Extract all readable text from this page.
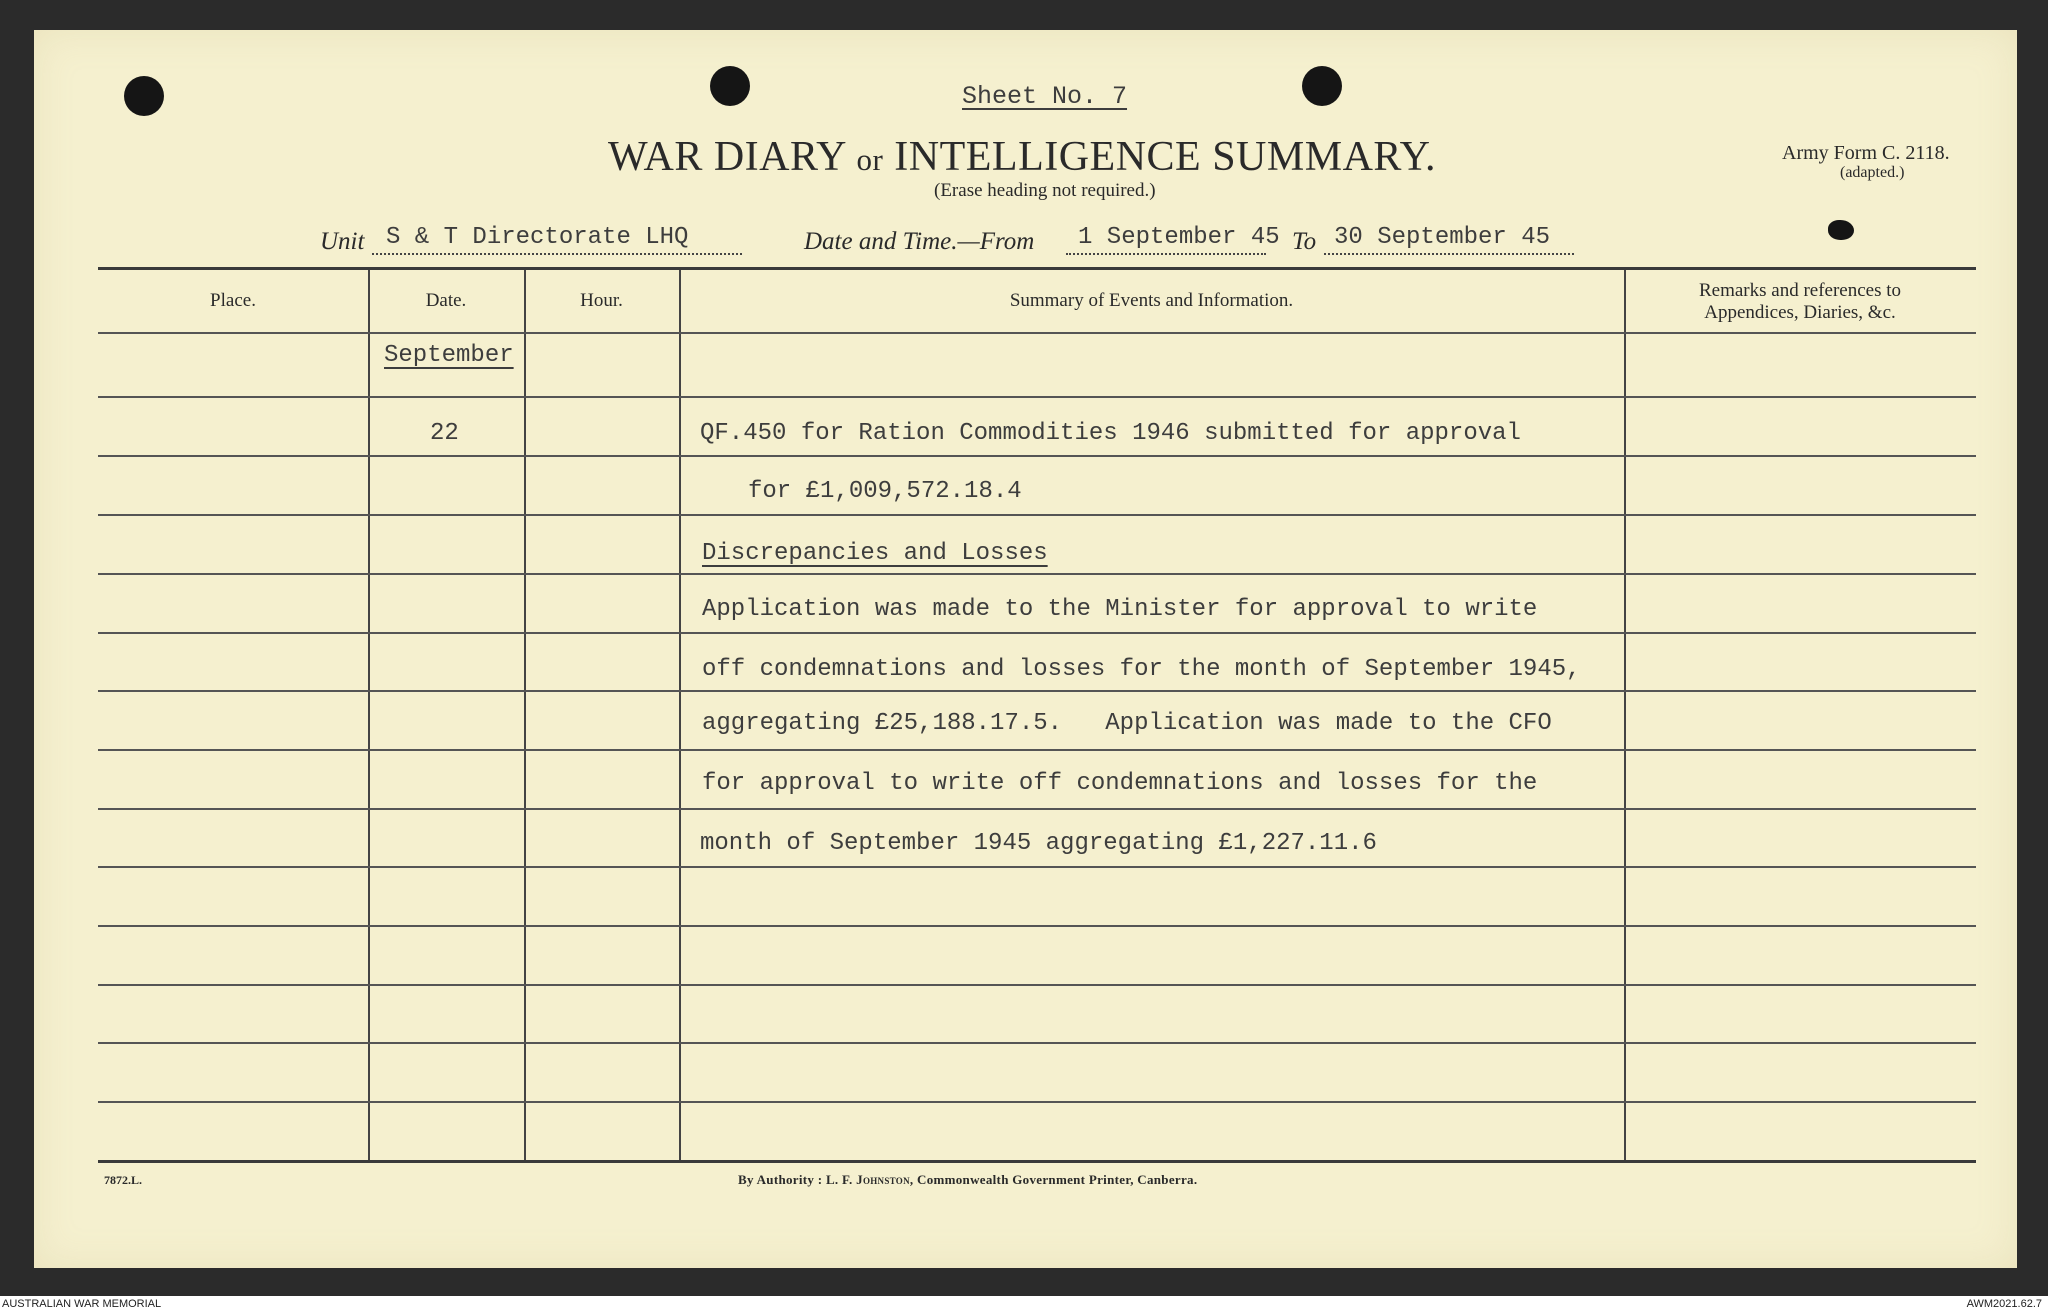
Sheet No. 7
WAR DIARY or INTELLIGENCE SUMMARY.
(Erase heading not required.)
Army Form C. 2118.
(adapted.)
Unit S & T Directorate LHQ	Date and Time.—From 1 September 45 To 30 September 45
Place.	Date.	Hour.	Summary of Events and Information.	Remarks and references to
Appendices, Diaries, &c.
September
22	QF.450 for Ration Commodities 1946 submitted for approval
for £1,009,572.18.4
Discrepancies and Losses
Application was made to the Minister for approval to write
off condemnations and losses for the month of September 1945,
aggregating £25,188.17.5.   Application was made to the CFO
for approval to write off condemnations and losses for the
month of September 1945 aggregating £1,227.11.6
7872.L.	By Authority : L. F. Johnston, Commonwealth Government Printer, Canberra.
AUSTRALIAN WAR MEMORIAL	AWM2021.62.7
